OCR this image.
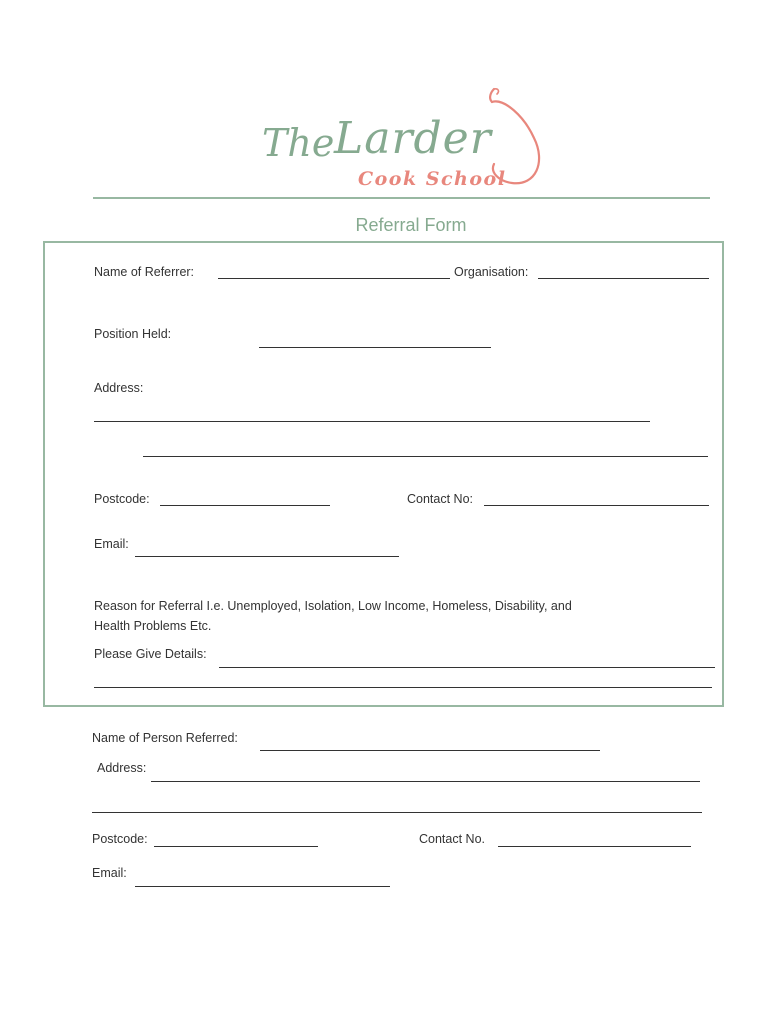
The Larder
Cook School
Referral Form
Name of Referrer:	Organisation:
Position Held:
Address:
Postcode:	Contact No:
Email:
Reason for Referral I.e. Unemployed, Isolation, Low Income, Homeless, Disability, and
Health Problems Etc.
Please Give Details:
Name of Person Referred:
Address:
Postcode:	Contact No.
Email:
